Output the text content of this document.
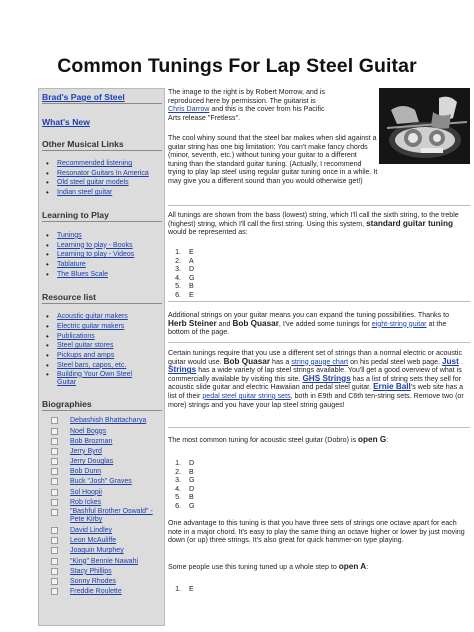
Common Tunings For Lap Steel Guitar
Brad's Page of Steel
What's New
Other Musical Links
• Recommended listening
• Resonator Guitars In America
• Old steel guitar models
• Indian steel guitar
Learning to Play
• Tunings
• Learning to play - Books
• Learning to play - Videos
• Tablature
• The Blues Scale
Resource list
• Acoustic guitar makers
• Electric guitar makers
• Publications
• Steel guitar stores
• Pickups and amps
• Steel bars, capos, etc.
• Building Your Own Steel Guitar
Biographies
Debashish Bhattacharya
Noel Boggs
Bob Brozman
Jerry Byrd
Jerry Douglas
Bob Dunn
Buck "Josh" Graves
Sol Hoopii
Rob Ickes
"Bashful Brother Oswald" - Pete Kirby
David Lindley
Leon McAuliffe
Joaquin Murphey
"King" Bennie Nawahi
Stacy Phillips
Sonny Rhodes
Freddie Roulette
The image to the right is by Robert Morrow, and is
reproduced here by permission. The guitarist is
Chris Darrow and this is the cover from his Pacific
Arts release "Fretless".
The cool whiny sound that the steel bar makes when slid against a guitar string has one big limitation: You can't make fancy chords (minor, seventh, etc.) without tuning your guitar to a different tuning than the standard guitar tuning. (Actually, I recommend trying to play lap steel using regular guitar tuning once in a while. It may give you a different sound than you would otherwise get!)
All tunings are shown from the bass (lowest) string, which I'll call the sixth string, to the treble (highest) string, which I'll call the first string. Using this system, standard guitar tuning would be represented as:
1. E
2. A
3. D
4. G
5. B
6. E
Additional strings on your guitar means you can expand the tuning possibilities. Thanks to Herb Steiner and Bob Quasar, I've added some tunings for eight-string guitar at the bottom of the page.
Certain tunings require that you use a different set of strings than a normal electric or acoustic guitar would use. Bob Quasar has a string gauge chart on his pedal steel web page. Just Strings has a wide variety of lap steel strings available. You'll get a good overview of what is commercially available by visiting this site. GHS Strings has a list of string sets they sell for acoustic slide guitar and electric Hawaiian and pedal steel guitar. Ernie Ball's web site has a list of their pedal steel guitar string sets, both in E9th and C6th ten-string sets. Remove two (or more) strings and you have your lap steel string gauges!
The most common tuning for acoustic steel guitar (Dobro) is open G:
1. D
2. B
3. G
4. D
5. B
6. G
One advantage to this tuning is that you have three sets of strings one octave apart for each note in a major chord. It's easy to play the same thing an octave higher or lower by just moving down (or up) three strings. It's also great for quick hammer-on type playing.
Some people use this tuning tuned up a whole step to open A:
1. E
